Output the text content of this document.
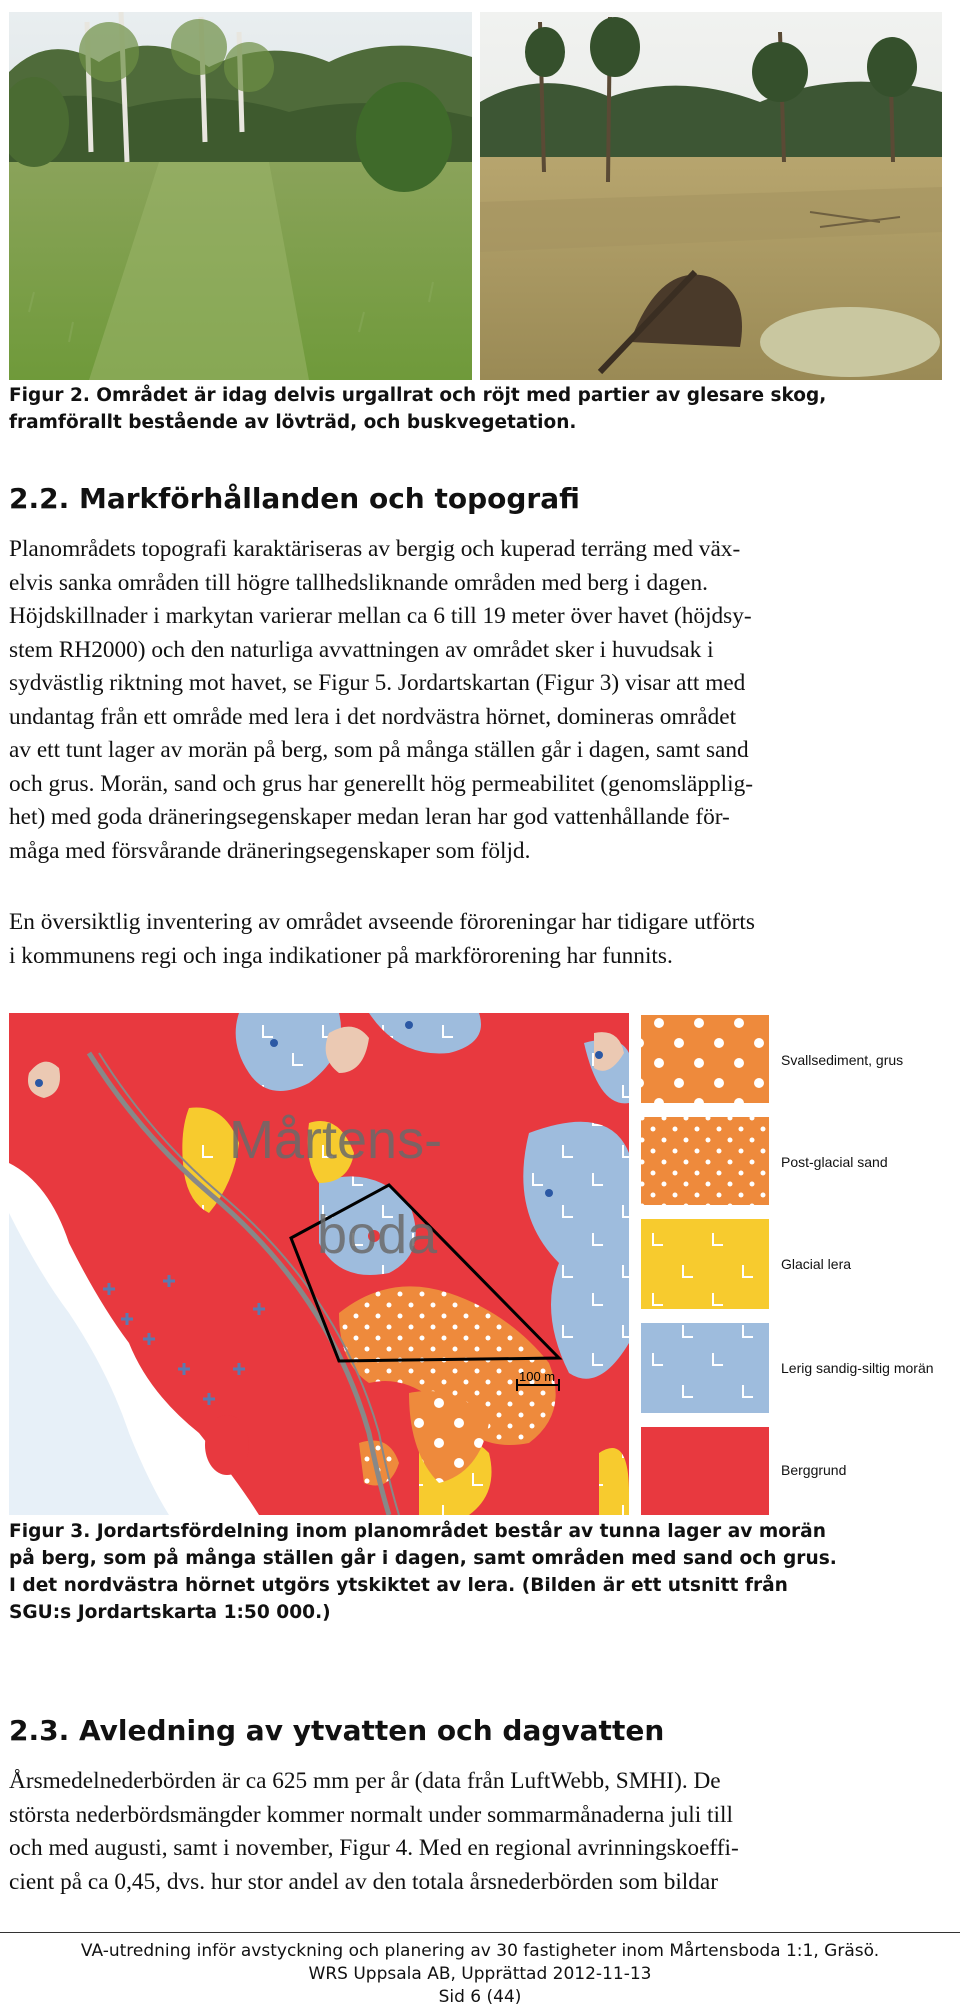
Figur 2. Området är idag delvis urgallrat och röjt med partier av glesare skog,
framförallt bestående av lövträd, och buskvegetation.
2.2. Markförhållanden och topografi
Planområdets topografi karaktäriseras av bergig och kuperad terräng med väx-
elvis sanka områden till högre tallhedsliknande områden med berg i dagen.
Höjdskillnader i markytan varierar mellan ca 6 till 19 meter över havet (höjdsy-
stem RH2000) och den naturliga avvattningen av området sker i huvudsak i
sydvästlig riktning mot havet, se Figur 5. Jordartskartan (Figur 3) visar att med
undantag från ett område med lera i det nordvästra hörnet, domineras området
av ett tunt lager av morän på berg, som på många ställen går i dagen, samt sand
och grus. Morän, sand och grus har generellt hög permeabilitet (genomsläpplig-
het) med goda dräneringsegenskaper medan leran har god vattenhållande för-
måga med försvårande dräneringsegenskaper som följd.
En översiktlig inventering av området avseende föroreningar har tidigare utförts
i kommunens regi och inga indikationer på markförorening har funnits.
Mårtens-
boda
100 m
Svallsediment, grus
Post-glacial sand
Glacial lera
Lerig sandig-siltig morän
Berggrund
Figur 3. Jordartsfördelning inom planområdet består av tunna lager av morän
på berg, som på många ställen går i dagen, samt områden med sand och grus.
I det nordvästra hörnet utgörs ytskiktet av lera. (Bilden är ett utsnitt från
SGU:s Jordartskarta 1:50 000.)
2.3. Avledning av ytvatten och dagvatten
Årsmedelnederbörden är ca 625 mm per år (data från LuftWebb, SMHI). De
största nederbördsmängder kommer normalt under sommarmånaderna juli till
och med augusti, samt i november, Figur 4. Med en regional avrinningskoeffi-
cient på ca 0,45, dvs. hur stor andel av den totala årsnederbörden som bildar
VA-utredning inför avstyckning och planering av 30 fastigheter inom Mårtensboda 1:1, Gräsö.
WRS Uppsala AB, Upprättad 2012-11-13
Sid 6 (44)
